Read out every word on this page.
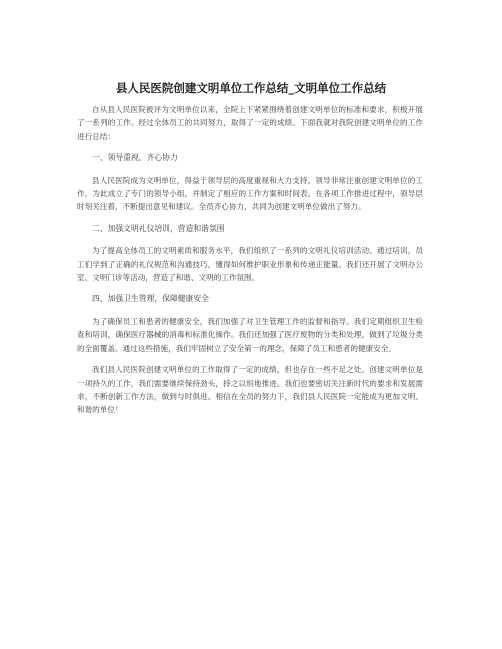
县人民医院创建文明单位工作总结_文明单位工作总结

自从县人民医院被评为文明单位以来，全院上下紧紧围绕着创建文明单位的标准和要求，积极开展了一系列的工作。经过全体员工的共同努力，取得了一定的成绩。下面我就对我院创建文明单位的工作进行总结：

一、领导重视，齐心协力

县人民医院成为文明单位，得益于领导层的高度重视和大力支持。领导非常注重创建文明单位的工作，为此成立了专门的领导小组，并制定了相应的工作方案和时间表。在各项工作推进过程中，领导层时刻关注着，不断提出意见和建议。全员齐心协力，共同为创建文明单位做出了努力。

二、加强文明礼仪培训，营造和谐氛围

为了提高全体员工的文明素质和服务水平，我们组织了一系列的文明礼仪培训活动。通过培训，员工们学到了正确的礼仪规范和沟通技巧，懂得如何维护职业形象和传递正能量。我们还开展了文明办公室、文明门诊等活动，营造了和谐、文明的工作氛围。

四、加强卫生管理，保障健康安全

为了确保员工和患者的健康安全，我们加强了对卫生管理工作的监督和指导。我们定期组织卫生检查和培训，确保医疗器械的消毒和标准化操作。我们还加强了医疗废物的分类和处理，做到了垃圾分类的全面覆盖。通过这些措施，我们牢固树立了安全第一的理念，保障了员工和患者的健康安全。

我们县人民医院创建文明单位的工作取得了一定的成绩，但也存在一些不足之处。创建文明单位是一项持久的工作，我们需要继续保持劲头，持之以恒地推进。我们也要密切关注新时代的要求和发展需求，不断创新工作方法，做到与时俱进。相信在全员的努力下，我们县人民医院一定能成为更加文明、和谐的单位！
